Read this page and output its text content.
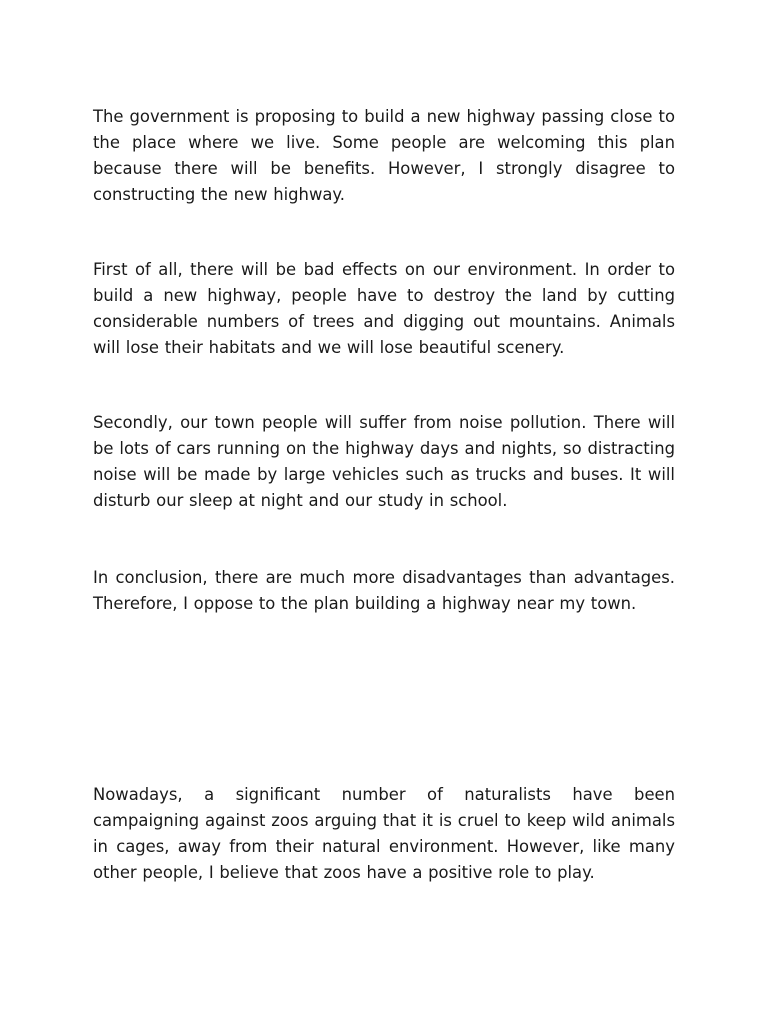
The government is proposing to build a new highway passing close to the place where we live. Some people are welcoming this plan because there will be benefits. However, I strongly disagree to constructing the new highway.

First of all, there will be bad effects on our environment. In order to build a new highway, people have to destroy the land by cutting considerable numbers of trees and digging out mountains. Animals will lose their habitats and we will lose beautiful scenery.

Secondly, our town people will suffer from noise pollution. There will be lots of cars running on the highway days and nights, so distracting noise will be made by large vehicles such as trucks and buses. It will disturb our sleep at night and our study in school.

In conclusion, there are much more disadvantages than advantages. Therefore, I oppose to the plan building a highway near my town.

Nowadays, a significant number of naturalists have been campaigning against zoos arguing that it is cruel to keep wild animals in cages, away from their natural environment. However, like many other people, I believe that zoos have a positive role to play.
